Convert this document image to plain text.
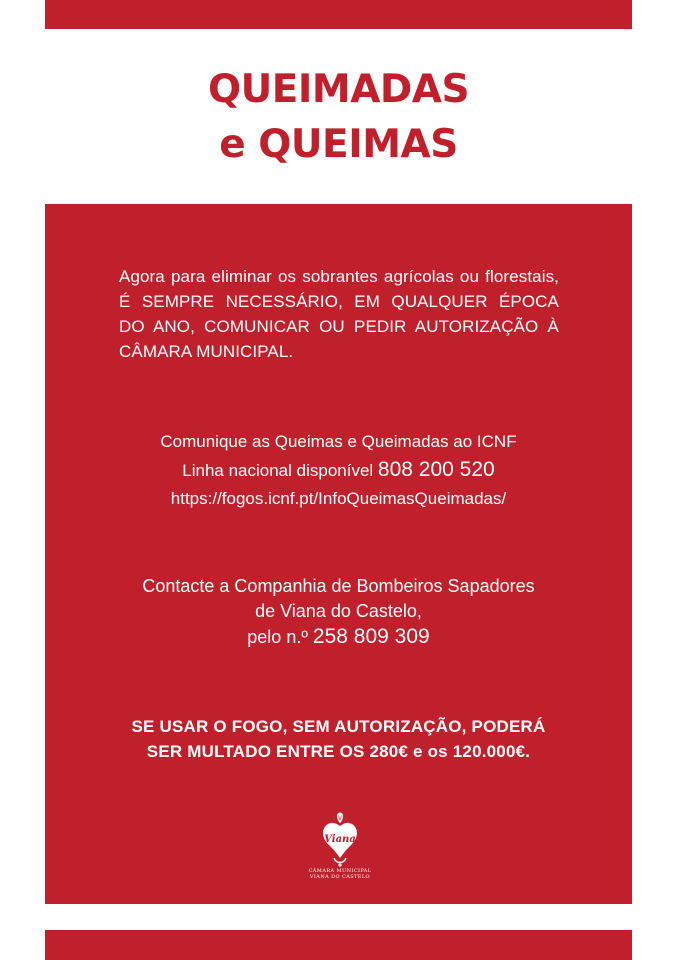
QUEIMADAS
e QUEIMAS
Agora para eliminar os sobrantes agrícolas ou florestais,
É SEMPRE NECESSÁRIO, EM QUALQUER ÉPOCA
DO ANO, COMUNICAR OU PEDIR AUTORIZAÇÃO À
CÂMARA MUNICIPAL.
Comunique as Queimas e Queimadas ao ICNF
Linha nacional disponível 808 200 520
https://fogos.icnf.pt/InfoQueimasQueimadas/
Contacte a Companhia de Bombeiros Sapadores
de Viana do Castelo,
pelo n.º 258 809 309
SE USAR O FOGO, SEM AUTORIZAÇÃO, PODERÁ
SER MULTADO ENTRE OS 280€ e os 120.000€.
Viana
CÂMARA MUNICIPAL
VIANA DO CASTELO
